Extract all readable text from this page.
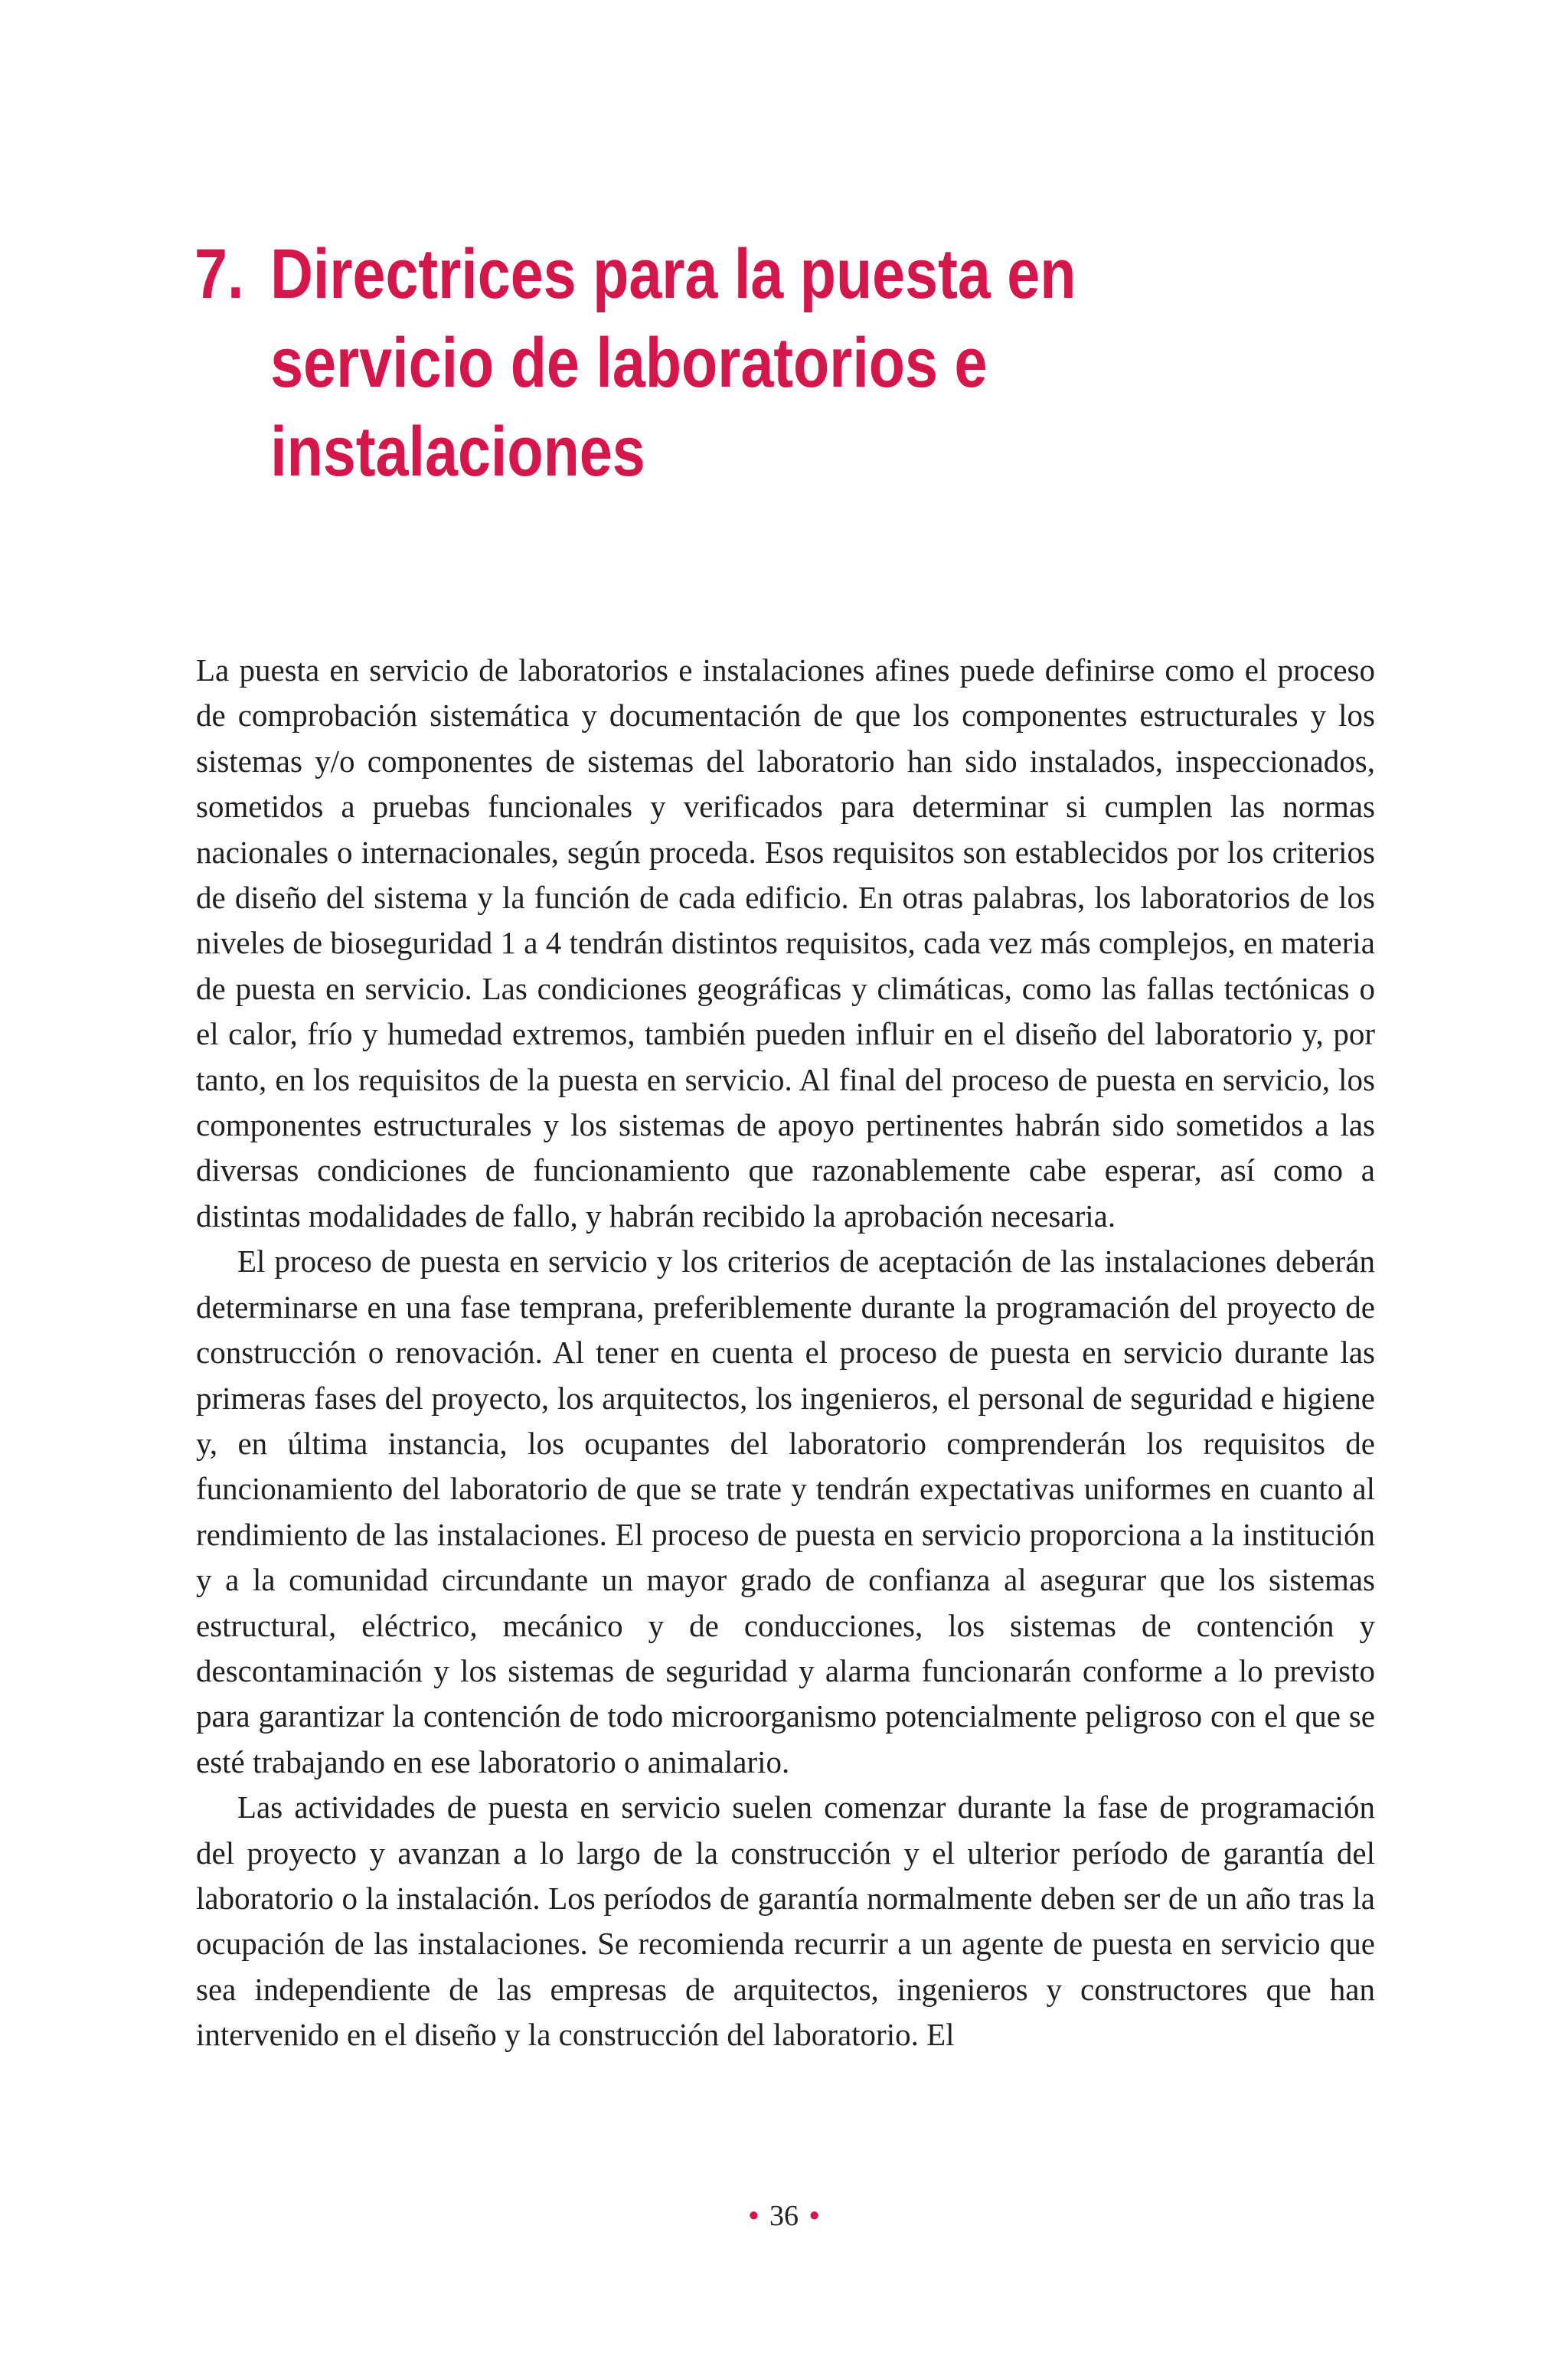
7. Directrices para la puesta en
servicio de laboratorios e
instalaciones

La puesta en servicio de laboratorios e instalaciones afines puede definirse como el proceso de comprobación sistemática y documentación de que los componentes estructurales y los sistemas y/o componentes de sistemas del laboratorio han sido instalados, inspeccionados, sometidos a pruebas funcionales y verificados para determinar si cumplen las normas nacionales o internacionales, según proceda. Esos requisitos son establecidos por los criterios de diseño del sistema y la función de cada edificio. En otras palabras, los laboratorios de los niveles de bioseguridad 1 a 4 tendrán distintos requisitos, cada vez más complejos, en materia de puesta en servicio. Las condiciones geográficas y climáticas, como las fallas tectónicas o el calor, frío y humedad extremos, también pueden influir en el diseño del laboratorio y, por tanto, en los requisitos de la puesta en servicio. Al final del proceso de puesta en servicio, los componentes estructurales y los sistemas de apoyo pertinentes habrán sido sometidos a las diversas condiciones de funcionamiento que razonablemente cabe esperar, así como a distintas modalidades de fallo, y habrán recibido la aprobación necesaria.

El proceso de puesta en servicio y los criterios de aceptación de las instalaciones deberán determinarse en una fase temprana, preferiblemente durante la programación del proyecto de construcción o renovación. Al tener en cuenta el proceso de puesta en servicio durante las primeras fases del proyecto, los arquitectos, los ingenieros, el personal de seguridad e higiene y, en última instancia, los ocupantes del laboratorio comprenderán los requisitos de funcionamiento del laboratorio de que se trate y tendrán expectativas uniformes en cuanto al rendimiento de las instalaciones. El proceso de puesta en servicio proporciona a la institución y a la comunidad circundante un mayor grado de confianza al asegurar que los sistemas estructural, eléctrico, mecánico y de conducciones, los sistemas de contención y descontaminación y los sistemas de seguridad y alarma funcionarán conforme a lo previsto para garantizar la contención de todo microorganismo potencialmente peligroso con el que se esté trabajando en ese laboratorio o animalario.

Las actividades de puesta en servicio suelen comenzar durante la fase de programación del proyecto y avanzan a lo largo de la construcción y el ulterior período de garantía del laboratorio o la instalación. Los períodos de garantía normalmente deben ser de un año tras la ocupación de las instalaciones. Se recomienda recurrir a un agente de puesta en servicio que sea independiente de las empresas de arquitectos, ingenieros y constructores que han intervenido en el diseño y la construcción del laboratorio. El

• 36 •
